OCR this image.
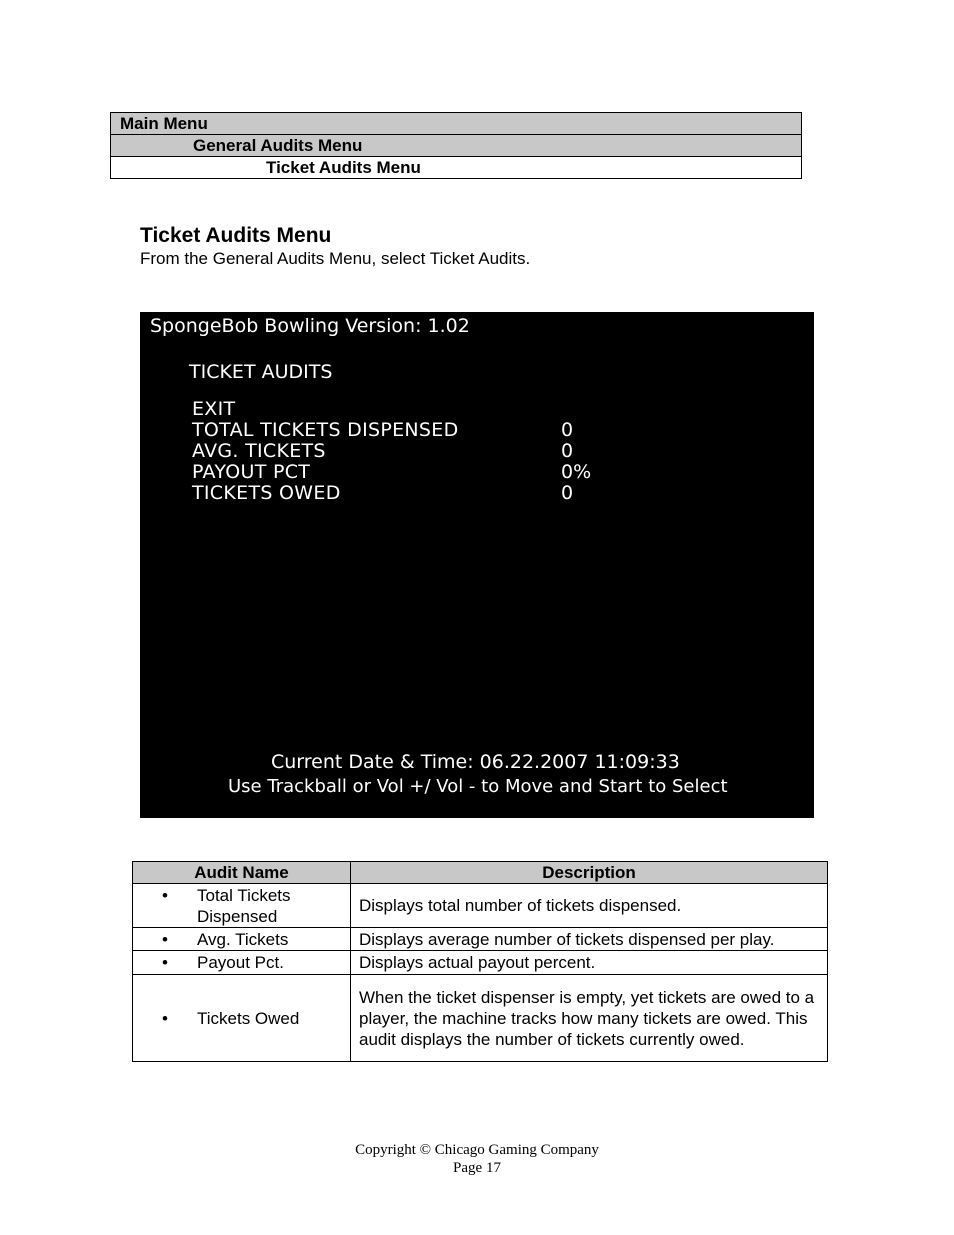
Main Menu
General Audits Menu
Ticket Audits Menu
Ticket Audits Menu
From the General Audits Menu, select Ticket Audits.
SpongeBob Bowling Version: 1.02
TICKET AUDITS
EXIT
TOTAL TICKETS DISPENSED	0
AVG. TICKETS	0
PAYOUT PCT	0%
TICKETS OWED	0
Current Date & Time: 06.22.2007 11:09:33
Use Trackball or Vol +/ Vol - to Move and Start to Select
Audit Name	Description

• Total Tickets Dispensed	Displays total number of tickets dispensed.

• Avg. Tickets	Displays average number of tickets dispensed per play.

• Payout Pct.	Displays actual payout percent.

• Tickets Owed	When the ticket dispenser is empty, yet tickets are owed to a player, the machine tracks how many tickets are owed. This audit displays the number of tickets currently owed.
Copyright © Chicago Gaming Company
Page 17
